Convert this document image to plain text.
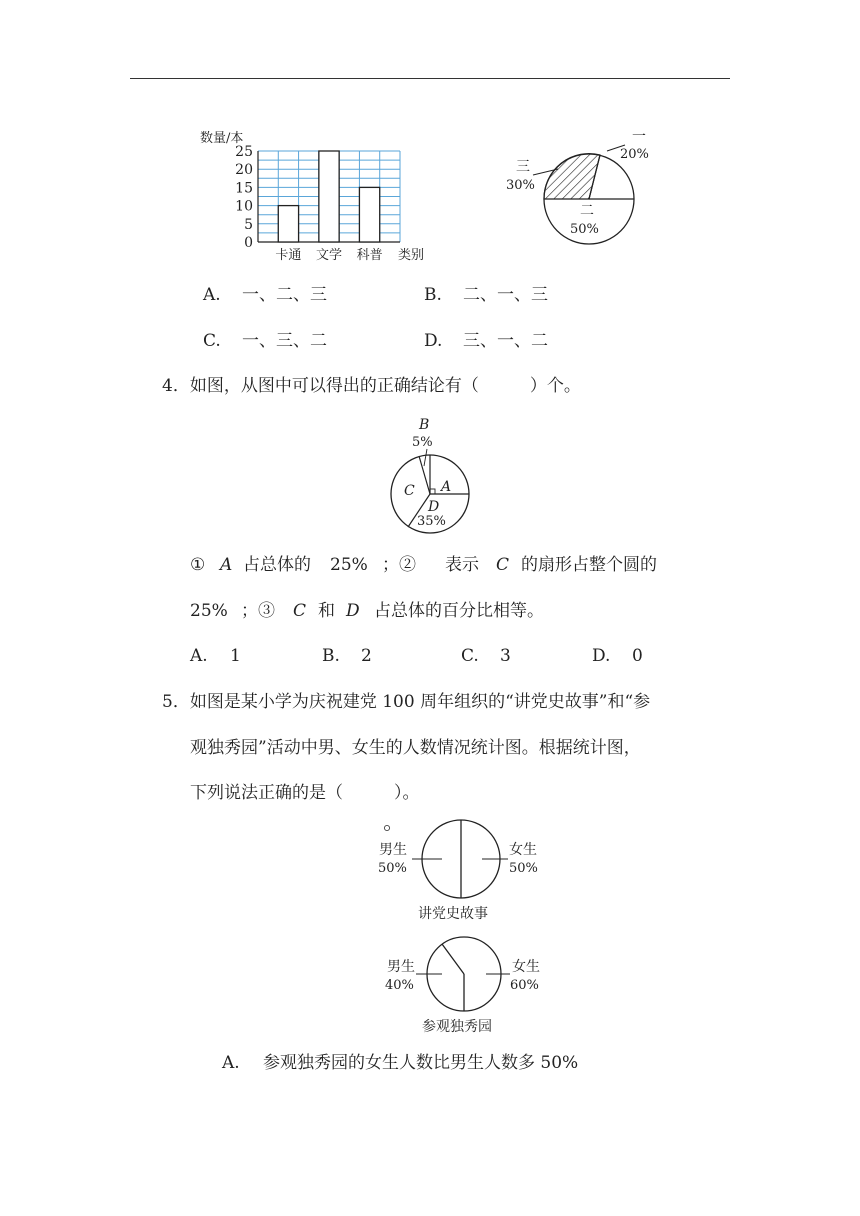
数量/本
25
20
15
10
5
0
卡通 文学 科普 类别
一
20%
三
30%
二
50%
A. 一、二、三	B. 二、一、三
C. 一、三、二	D. 三、一、二
4．如图，从图中可以得出的正确结论有（　　　）个。
B
5%
C A
D
35%
① A 占总体的 25% ；② 表示 C 的扇形占整个圆的
25% ；③ C 和 D 占总体的百分比相等。
A. 1	B. 2	C. 3	D. 0
5．如图是某小学为庆祝建党 100 周年组织的“讲党史故事”和“参
观独秀园”活动中男、女生的人数情况统计图。根据统计图，
下列说法正确的是（　　　）。
男生
50%
女生
50%
讲党史故事
男生
40%
女生
60%
参观独秀园
A. 参观独秀园的女生人数比男生人数多 50%
